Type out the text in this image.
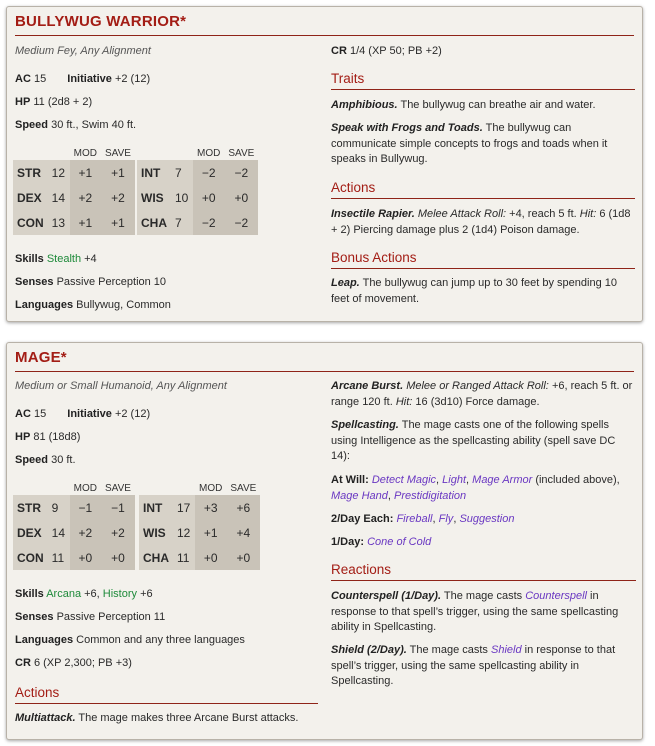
BULLYWUG WARRIOR*
Medium Fey, Any Alignment
AC 15 Initiative +2 (12)
HP 11 (2d8 + 2)
Speed 30 ft., Swim 40 ft.
		MOD	SAVE
STR	12	+1	+1
DEX	14	+2	+2
CON	13	+1	+1
		MOD	SAVE
INT	7	−2	−2
WIS	10	+0	+0
CHA	7	−2	−2
Skills Stealth +4
Senses Passive Perception 10
Languages Bullywug, Common
CR 1/4 (XP 50; PB +2)
Traits
Amphibious. The bullywug can breathe air and water.
Speak with Frogs and Toads. The bullywug can communicate simple concepts to frogs and toads when it speaks in Bullywug.
Actions
Insectile Rapier. Melee Attack Roll: +4, reach 5 ft. Hit: 6 (1d8 + 2) Piercing damage plus 2 (1d4) Poison damage.
Bonus Actions
Leap. The bullywug can jump up to 30 feet by spending 10 feet of movement.
MAGE*
Medium or Small Humanoid, Any Alignment
AC 15 Initiative +2 (12)
HP 81 (18d8)
Speed 30 ft.
		MOD	SAVE
STR	9	−1	−1
DEX	14	+2	+2
CON	11	+0	+0
		MOD	SAVE
INT	17	+3	+6
WIS	12	+1	+4
CHA	11	+0	+0
Skills Arcana +6, History +6
Senses Passive Perception 11
Languages Common and any three languages
CR 6 (XP 2,300; PB +3)
Actions
Multiattack. The mage makes three Arcane Burst attacks.
Arcane Burst. Melee or Ranged Attack Roll: +6, reach 5 ft. or range 120 ft. Hit: 16 (3d10) Force damage.
Spellcasting. The mage casts one of the following spells using Intelligence as the spellcasting ability (spell save DC 14):
At Will: Detect Magic, Light, Mage Armor (included above), Mage Hand, Prestidigitation
2/Day Each: Fireball, Fly, Suggestion
1/Day: Cone of Cold
Reactions
Counterspell (1/Day). The mage casts Counterspell in response to that spell’s trigger, using the same spellcasting ability in Spellcasting.
Shield (2/Day). The mage casts Shield in response to that spell’s trigger, using the same spellcasting ability in Spellcasting.
